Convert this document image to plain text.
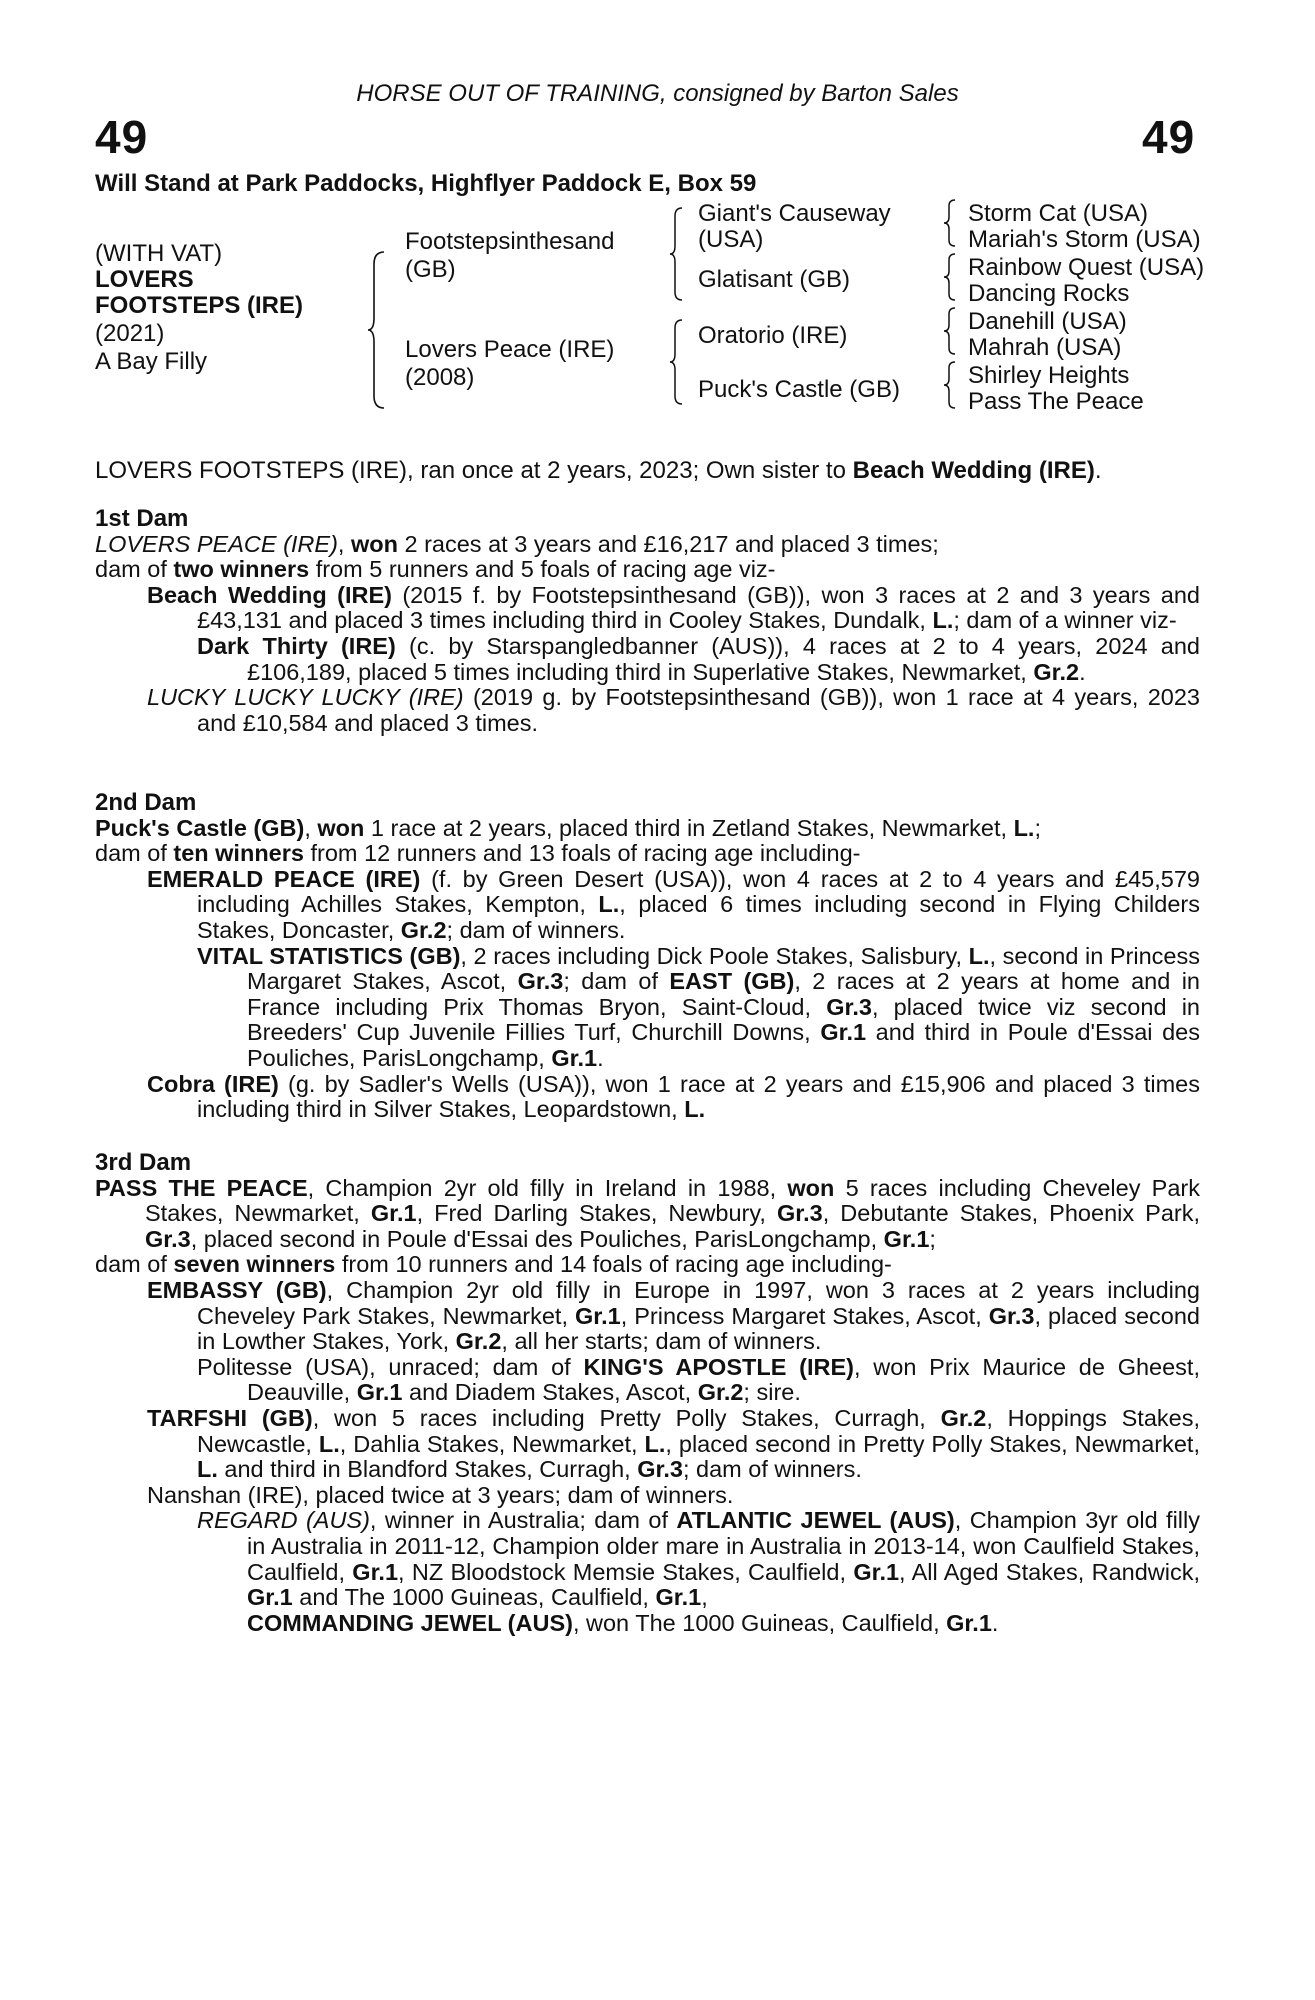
HORSE OUT OF TRAINING, consigned by Barton Sales
49	49
Will Stand at Park Paddocks, Highflyer Paddock E, Box 59
(WITH VAT)
LOVERS
FOOTSTEPS (IRE)
(2021)
A Bay Filly
Footstepsinthesand
(GB)
Lovers Peace (IRE)
(2008)
Giant's Causeway
(USA)
Glatisant (GB)
Oratorio (IRE)
Puck's Castle (GB)
Storm Cat (USA)
Mariah's Storm (USA)
Rainbow Quest (USA)
Dancing Rocks
Danehill (USA)
Mahrah (USA)
Shirley Heights
Pass The Peace
LOVERS FOOTSTEPS (IRE), ran once at 2 years, 2023; Own sister to Beach Wedding (IRE).

1st Dam

LOVERS PEACE (IRE), won 2 races at 3 years and £16,217 and placed 3 times;

dam of two winners from 5 runners and 5 foals of racing age viz-

Beach Wedding (IRE) (2015 f. by Footstepsinthesand (GB)), won 3 races at 2 and 3 years and £43,131 and placed 3 times including third in Cooley Stakes, Dundalk, L.; dam of a winner viz-

Dark Thirty (IRE) (c. by Starspangledbanner (AUS)), 4 races at 2 to 4 years, 2024 and £106,189, placed 5 times including third in Superlative Stakes, Newmarket, Gr.2.

LUCKY LUCKY LUCKY (IRE) (2019 g. by Footstepsinthesand (GB)), won 1 race at 4 years, 2023 and £10,584 and placed 3 times.

2nd Dam

Puck's Castle (GB), won 1 race at 2 years, placed third in Zetland Stakes, Newmarket, L.;

dam of ten winners from 12 runners and 13 foals of racing age including-

EMERALD PEACE (IRE) (f. by Green Desert (USA)), won 4 races at 2 to 4 years and £45,579 including Achilles Stakes, Kempton, L., placed 6 times including second in Flying Childers Stakes, Doncaster, Gr.2; dam of winners.

VITAL STATISTICS (GB), 2 races including Dick Poole Stakes, Salisbury, L., second in Princess Margaret Stakes, Ascot, Gr.3; dam of EAST (GB), 2 races at 2 years at home and in France including Prix Thomas Bryon, Saint-Cloud, Gr.3, placed twice viz second in Breeders' Cup Juvenile Fillies Turf, Churchill Downs, Gr.1 and third in Poule d'Essai des Pouliches, ParisLongchamp, Gr.1.

Cobra (IRE) (g. by Sadler's Wells (USA)), won 1 race at 2 years and £15,906 and placed 3 times including third in Silver Stakes, Leopardstown, L.

3rd Dam

PASS THE PEACE, Champion 2yr old filly in Ireland in 1988, won 5 races including Cheveley Park Stakes, Newmarket, Gr.1, Fred Darling Stakes, Newbury, Gr.3, Debutante Stakes, Phoenix Park, Gr.3, placed second in Poule d'Essai des Pouliches, ParisLongchamp, Gr.1;

dam of seven winners from 10 runners and 14 foals of racing age including-

EMBASSY (GB), Champion 2yr old filly in Europe in 1997, won 3 races at 2 years including Cheveley Park Stakes, Newmarket, Gr.1, Princess Margaret Stakes, Ascot, Gr.3, placed second in Lowther Stakes, York, Gr.2, all her starts; dam of winners.

Politesse (USA), unraced; dam of KING'S APOSTLE (IRE), won Prix Maurice de Gheest, Deauville, Gr.1 and Diadem Stakes, Ascot, Gr.2; sire.

TARFSHI (GB), won 5 races including Pretty Polly Stakes, Curragh, Gr.2, Hoppings Stakes, Newcastle, L., Dahlia Stakes, Newmarket, L., placed second in Pretty Polly Stakes, Newmarket, L. and third in Blandford Stakes, Curragh, Gr.3; dam of winners.

Nanshan (IRE), placed twice at 3 years; dam of winners.

REGARD (AUS), winner in Australia; dam of ATLANTIC JEWEL (AUS), Champion 3yr old filly in Australia in 2011-12, Champion older mare in Australia in 2013-14, won Caulfield Stakes, Caulfield, Gr.1, NZ Bloodstock Memsie Stakes, Caulfield, Gr.1, All Aged Stakes, Randwick, Gr.1 and The 1000 Guineas, Caulfield, Gr.1,
COMMANDING JEWEL (AUS), won The 1000 Guineas, Caulfield, Gr.1.
